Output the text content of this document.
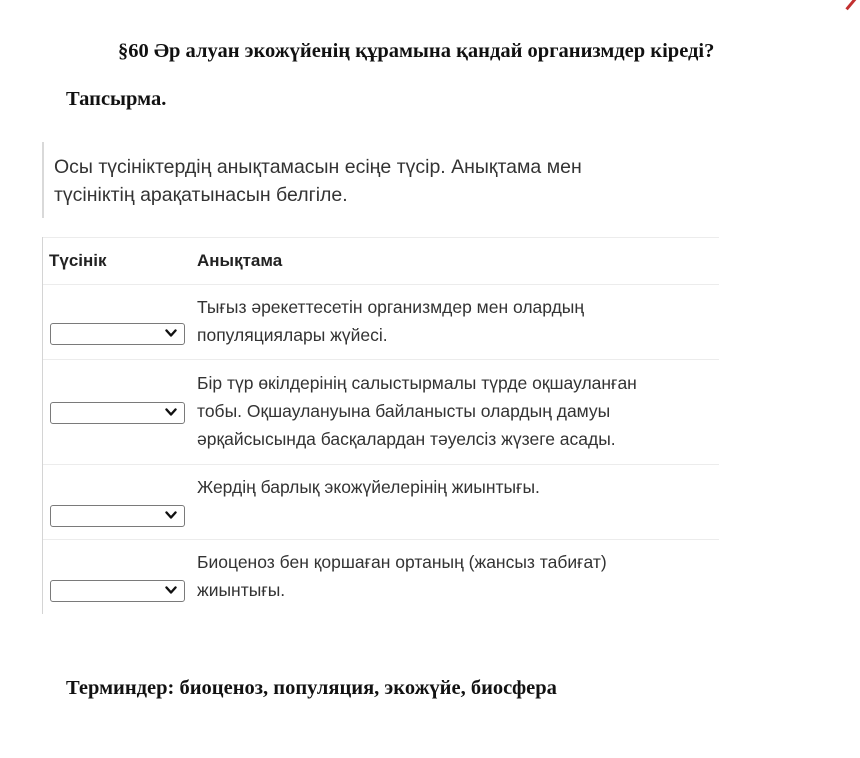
§60 Әр алуан экожүйенің құрамына қандай организмдер кіреді?
Тапсырма.
Осы түсініктердің анықтамасын есіңе түсір. Анықтама мен
түсініктің арақатынасын белгіле.
Түсінік	Анықтама
Тығыз әрекеттесетін организмдер мен олардың
популяциялары жүйесі.
Бір түр өкілдерінің салыстырмалы түрде оқшауланған
тобы. Оқшаулануына байланысты олардың дамуы
әрқайсысында басқалардан тәуелсіз жүзеге асады.
Жердің барлық экожүйелерінің жиынтығы.
Биоценоз бен қоршаған ортаның (жансыз табиғат)
жиынтығы.
Терминдер: биоценоз, популяция, экожүйе, биосфера
